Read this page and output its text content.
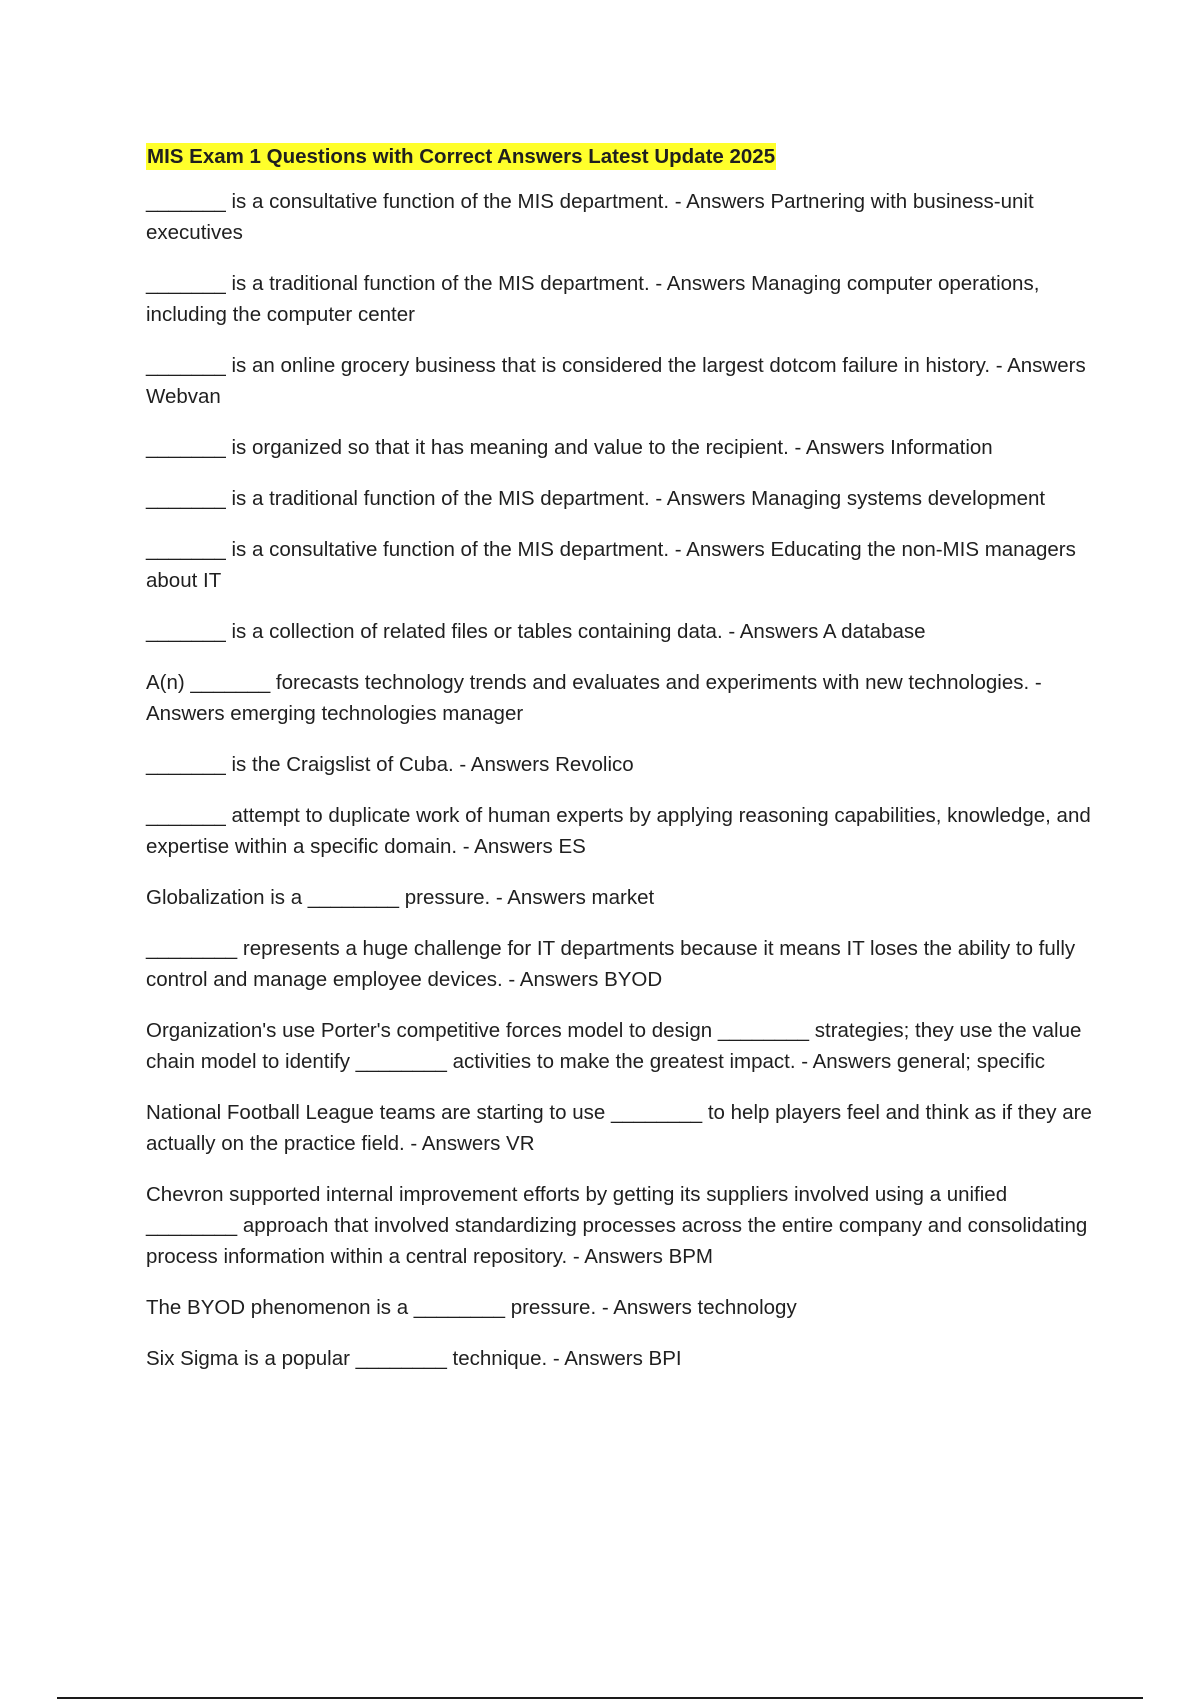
MIS Exam 1 Questions with Correct Answers Latest Update 2025

_______ is a consultative function of the MIS department. - Answers Partnering with business-unit executives

_______ is a traditional function of the MIS department. - Answers Managing computer operations, including the computer center

_______ is an online grocery business that is considered the largest dotcom failure in history. - Answers Webvan

_______ is organized so that it has meaning and value to the recipient. - Answers Information

_______ is a traditional function of the MIS department. - Answers Managing systems development

_______ is a consultative function of the MIS department. - Answers Educating the non-MIS managers about IT

_______ is a collection of related files or tables containing data. - Answers A database

A(n) _______ forecasts technology trends and evaluates and experiments with new technologies. - Answers emerging technologies manager

_______ is the Craigslist of Cuba. - Answers Revolico

_______ attempt to duplicate work of human experts by applying reasoning capabilities, knowledge, and expertise within a specific domain. - Answers ES

Globalization is a ________ pressure. - Answers market

________ represents a huge challenge for IT departments because it means IT loses the ability to fully control and manage employee devices. - Answers BYOD

Organization's use Porter's competitive forces model to design ________ strategies; they use the value chain model to identify ________ activities to make the greatest impact. - Answers general; specific

National Football League teams are starting to use ________ to help players feel and think as if they are actually on the practice field. - Answers VR

Chevron supported internal improvement efforts by getting its suppliers involved using a unified ________ approach that involved standardizing processes across the entire company and consolidating process information within a central repository. - Answers BPM

The BYOD phenomenon is a ________ pressure. - Answers technology

Six Sigma is a popular ________ technique. - Answers BPI
